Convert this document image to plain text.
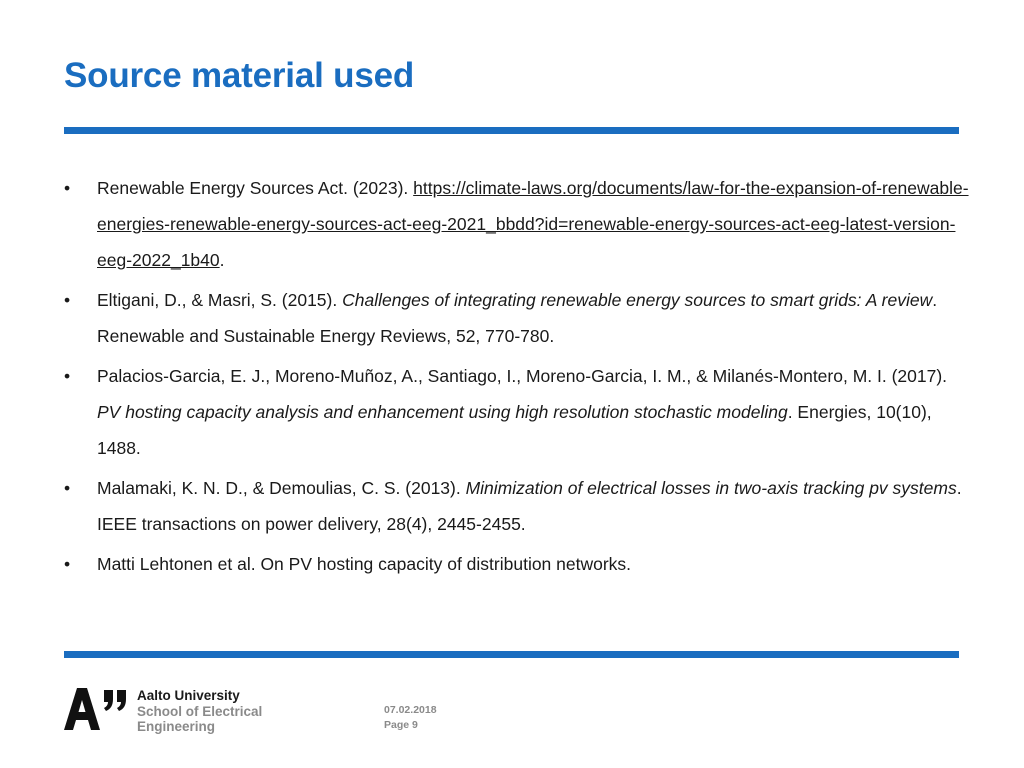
Source material used
• Renewable Energy Sources Act. (2023). https://climate-laws.org/documents/law-for-the-expansion-of-renewable-energies-renewable-energy-sources-act-eeg-2021_bbdd?id=renewable-energy-sources-act-eeg-latest-version-eeg-2022_1b40.
• Eltigani, D., & Masri, S. (2015). Challenges of integrating renewable energy sources to smart grids: A review. Renewable and Sustainable Energy Reviews, 52, 770-780.
• Palacios-Garcia, E. J., Moreno-Muñoz, A., Santiago, I., Moreno-Garcia, I. M., & Milanés-Montero, M. I. (2017). PV hosting capacity analysis and enhancement using high resolution stochastic modeling. Energies, 10(10), 1488.
• Malamaki, K. N. D., & Demoulias, C. S. (2013). Minimization of electrical losses in two-axis tracking pv systems. IEEE transactions on power delivery, 28(4), 2445-2455.
• Matti Lehtonen et al. On PV hosting capacity of distribution networks.
Aalto University
School of Electrical
Engineering
07.02.2018
Page 9
